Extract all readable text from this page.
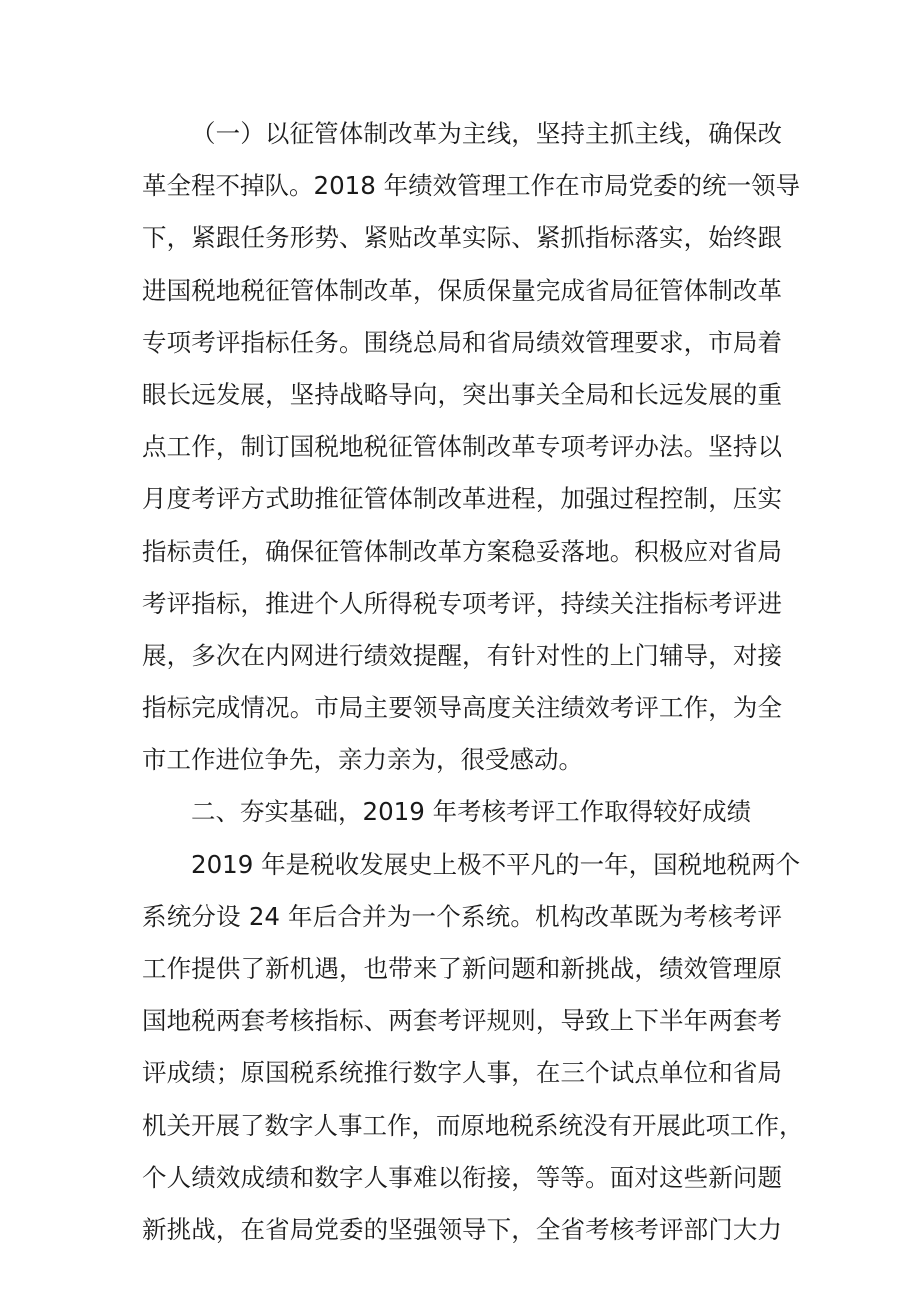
（一）以征管体制改革为主线，坚持主抓主线，确保改
革全程不掉队。2018 年绩效管理工作在市局党委的统一领导
下，紧跟任务形势、紧贴改革实际、紧抓指标落实，始终跟
进国税地税征管体制改革，保质保量完成省局征管体制改革
专项考评指标任务。围绕总局和省局绩效管理要求，市局着
眼长远发展，坚持战略导向，突出事关全局和长远发展的重
点工作，制订国税地税征管体制改革专项考评办法。坚持以
月度考评方式助推征管体制改革进程，加强过程控制，压实
指标责任，确保征管体制改革方案稳妥落地。积极应对省局
考评指标，推进个人所得税专项考评，持续关注指标考评进
展，多次在内网进行绩效提醒，有针对性的上门辅导，对接
指标完成情况。市局主要领导高度关注绩效考评工作，为全
市工作进位争先，亲力亲为，很受感动。
二、夯实基础，2019 年考核考评工作取得较好成绩
2019 年是税收发展史上极不平凡的一年，国税地税两个
系统分设 24 年后合并为一个系统。机构改革既为考核考评
工作提供了新机遇，也带来了新问题和新挑战，绩效管理原
国地税两套考核指标、两套考评规则，导致上下半年两套考
评成绩；原国税系统推行数字人事，在三个试点单位和省局
机关开展了数字人事工作，而原地税系统没有开展此项工作，
个人绩效成绩和数字人事难以衔接，等等。面对这些新问题
新挑战，在省局党委的坚强领导下，全省考核考评部门大力
